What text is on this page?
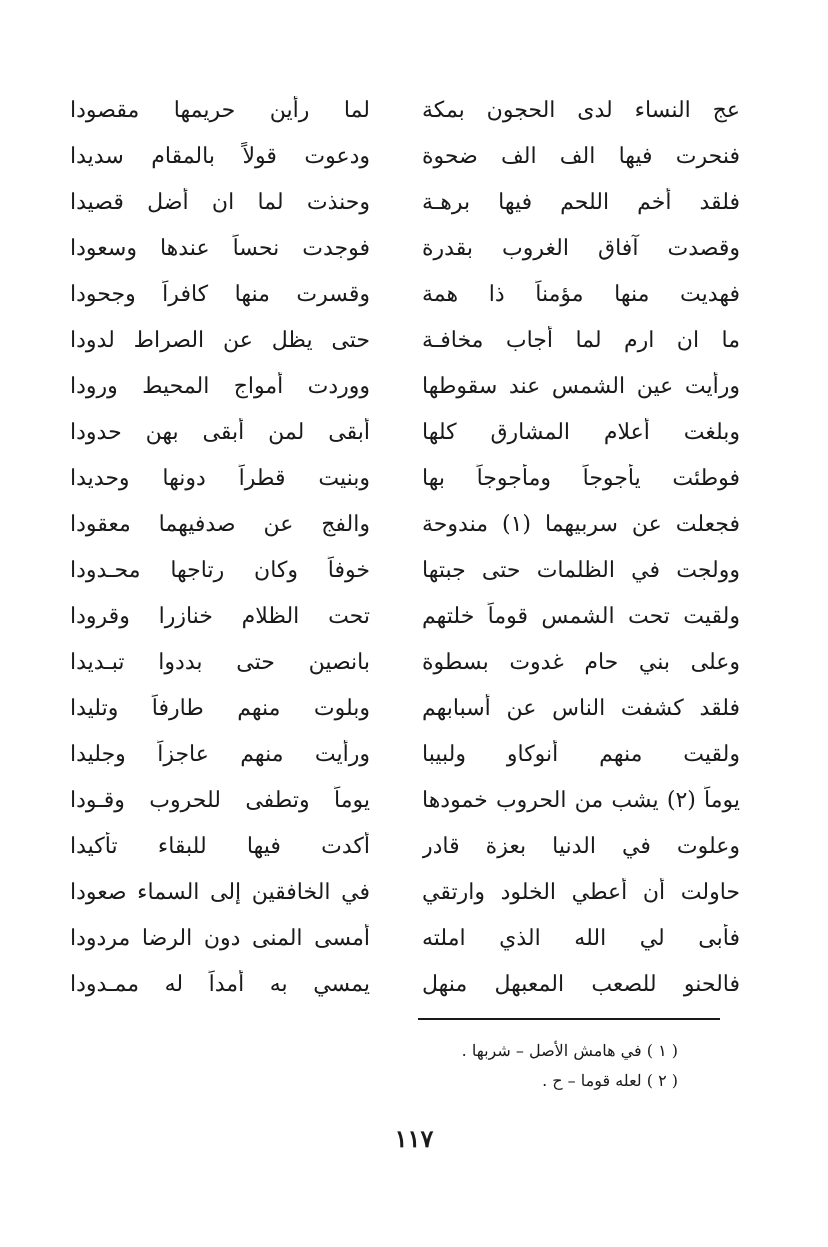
عج النساء لدى الحجون بمكة
لما رأين حريمها مقصودا
فنحرت فيها الف الف ضحوة
ودعوت قولاً بالمقام سديدا
فلقد أخم اللحم فيها برهـة
وحنذت لما ان أضل قصيدا
وقصدت آفاق الغروب بقدرة
فوجدت نحساً عندها وسعودا
فهديت منها مؤمناً ذا همة
وقسرت منها كافراً وجحودا
ما ان ارم لما أجاب مخافـة
حتى يظل عن الصراط لدودا
ورأيت عين الشمس عند سقوطها
ووردت أمواج المحيط ورودا
وبلغت أعلام المشارق كلها
أبقى لمن أبقى بهن حدودا
فوطئت يأجوجاً ومأجوجاً بها
وبنيت قطراً دونها وحديدا
فجعلت عن سربيهما (١) مندوحة
والفج عن صدفيهما معقودا
وولجت في الظلمات حتى جبتها
خوفاً وكان رتاجها محـدودا
ولقيت تحت الشمس قوماً خلتهم
تحت الظلام خنازرا وقرودا
وعلى بني حام غدوت بسطوة
بانصين حتى بددوا تبـديدا
فلقد كشفت الناس عن أسبابهم
وبلوت منهم طارفاً وتليدا
ولقيت منهم أنوكاو ولبيبا
ورأيت منهم عاجزاً وجليدا
يوماً (٢) يشب من الحروب خمودها
يوماً وتطفى للحروب وقـودا
وعلوت في الدنيا بعزة قادر
أكدت فيها للبقاء تأكيدا
حاولت أن أعطي الخلود وارتقي
في الخافقين إلى السماء صعودا
فأبى لي الله الذي املته
أمسى المنى دون الرضا مردودا
فالحنو للصعب المعبهل منهل
يمسي به أمداً له ممـدودا
( ١ ) في هامش الأصل – شربها .
( ٢ ) لعله قوما – ح .
١١٧
